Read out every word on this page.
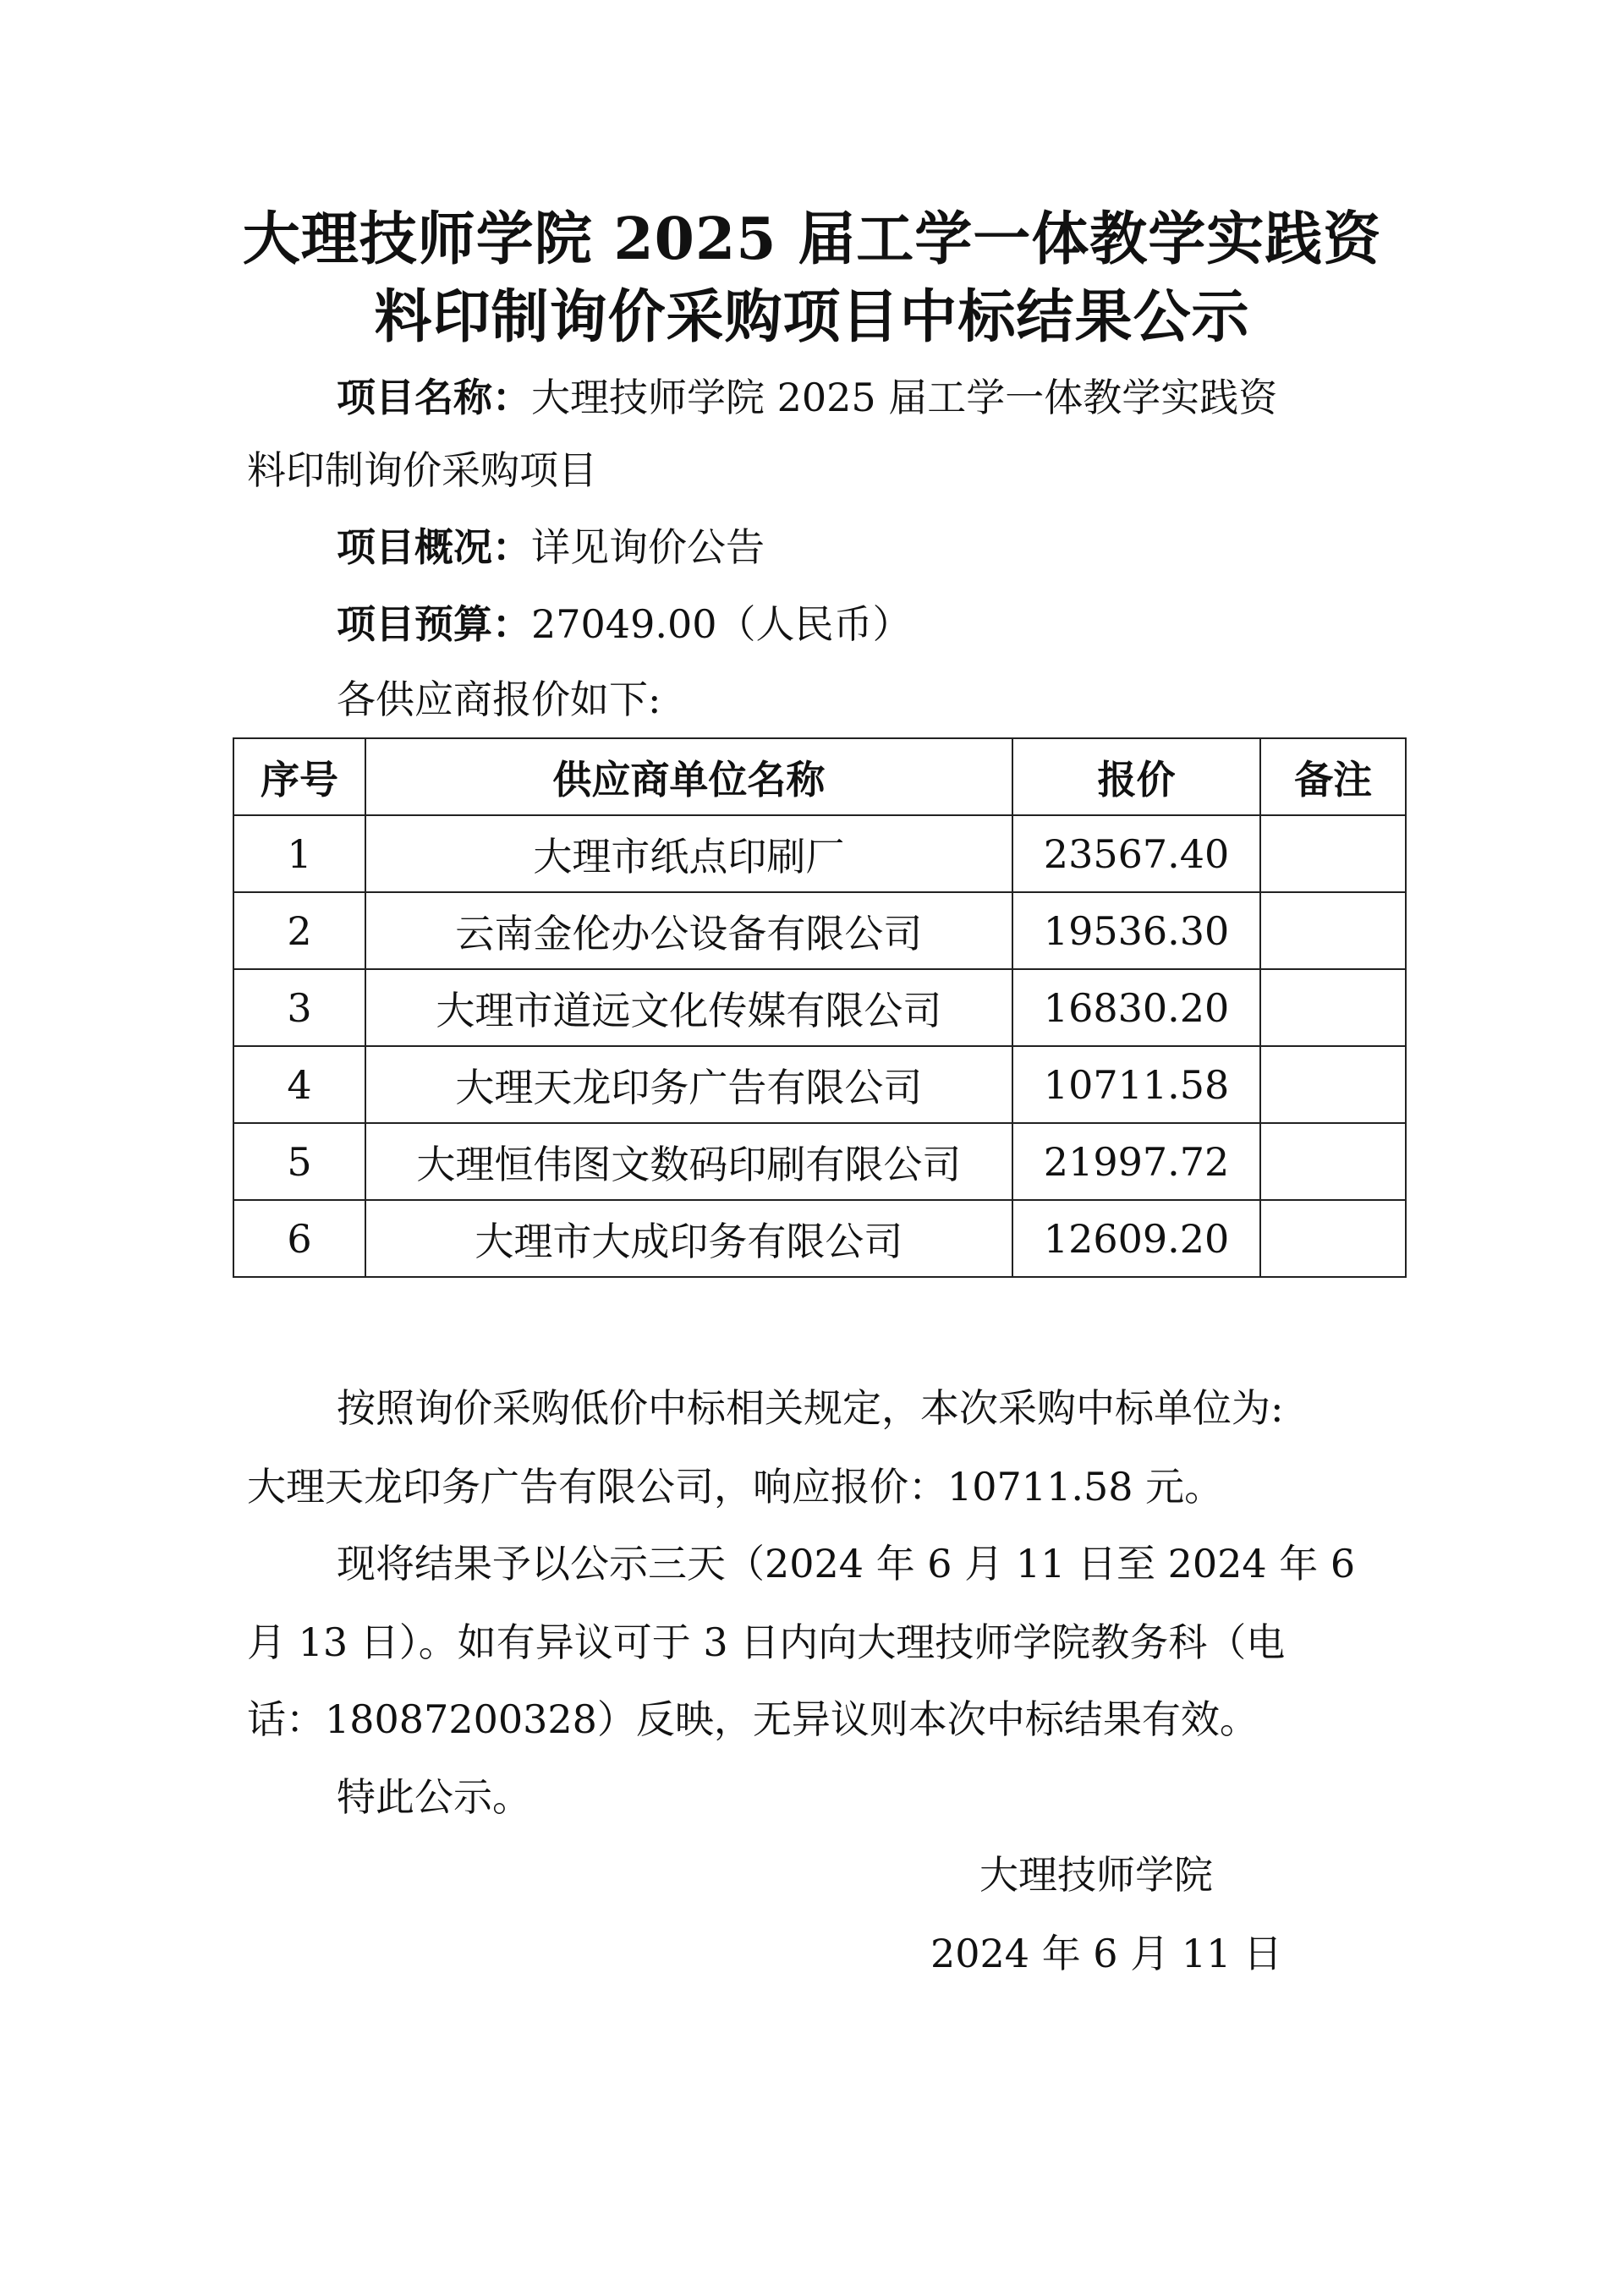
大理技师学院 2025 届工学一体教学实践资
料印制询价采购项目中标结果公示
项目名称：大理技师学院 2025 届工学一体教学实践资
料印制询价采购项目
项目概况：详见询价公告
项目预算：27049.00（人民币）
各供应商报价如下:
序号	供应商单位名称	报价	备注
1	大理市纸点印刷厂	23567.40	
2	云南金伦办公设备有限公司	19536.30	
3	大理市道远文化传媒有限公司	16830.20	
4	大理天龙印务广告有限公司	10711.58	
5	大理恒伟图文数码印刷有限公司	21997.72	
6	大理市大成印务有限公司	12609.20	
按照询价采购低价中标相关规定，本次采购中标单位为:
大理天龙印务广告有限公司，响应报价：10711.58 元。
现将结果予以公示三天（2024 年 6 月 11 日至 2024 年 6
月 13 日）。如有异议可于 3 日内向大理技师学院教务科（电
话：18087200328）反映，无异议则本次中标结果有效。
特此公示。
大理技师学院
2024 年 6 月 11 日
